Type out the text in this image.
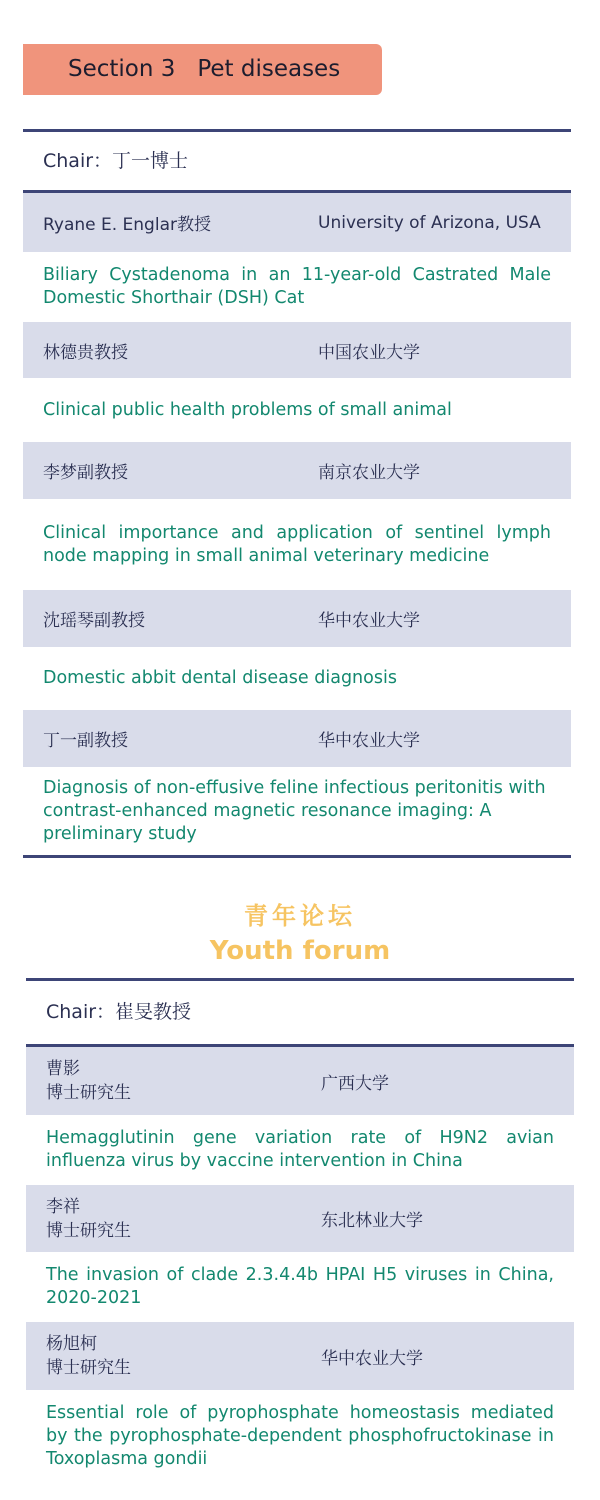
Section 3   Pet diseases
Chair：丁一博士
Ryane E. Englar教授	University of Arizona, USA
Biliary Cystadenoma in an 11-year-old Castrated Male Domestic Shorthair (DSH) Cat
林德贵教授	中国农业大学
Clinical public health problems of small animal
李梦副教授	南京农业大学
Clinical importance and application of sentinel lymph node mapping in small animal veterinary medicine
沈瑶琴副教授	华中农业大学
Domestic abbit dental disease diagnosis
丁一副教授	华中农业大学
Diagnosis of non-effusive feline infectious peritonitis with contrast-enhanced magnetic resonance imaging: A preliminary study
青年论坛
Youth forum
Chair：崔旻教授
曹影
博士研究生	广西大学
Hemagglutinin gene variation rate of H9N2 avian influenza virus by vaccine intervention in China
李祥
博士研究生	东北林业大学
The invasion of clade 2.3.4.4b HPAI H5 viruses in China, 2020-2021
杨旭柯
博士研究生	华中农业大学
Essential role of pyrophosphate homeostasis mediated by the pyrophosphate-dependent phosphofructokinase in Toxoplasma gondii
